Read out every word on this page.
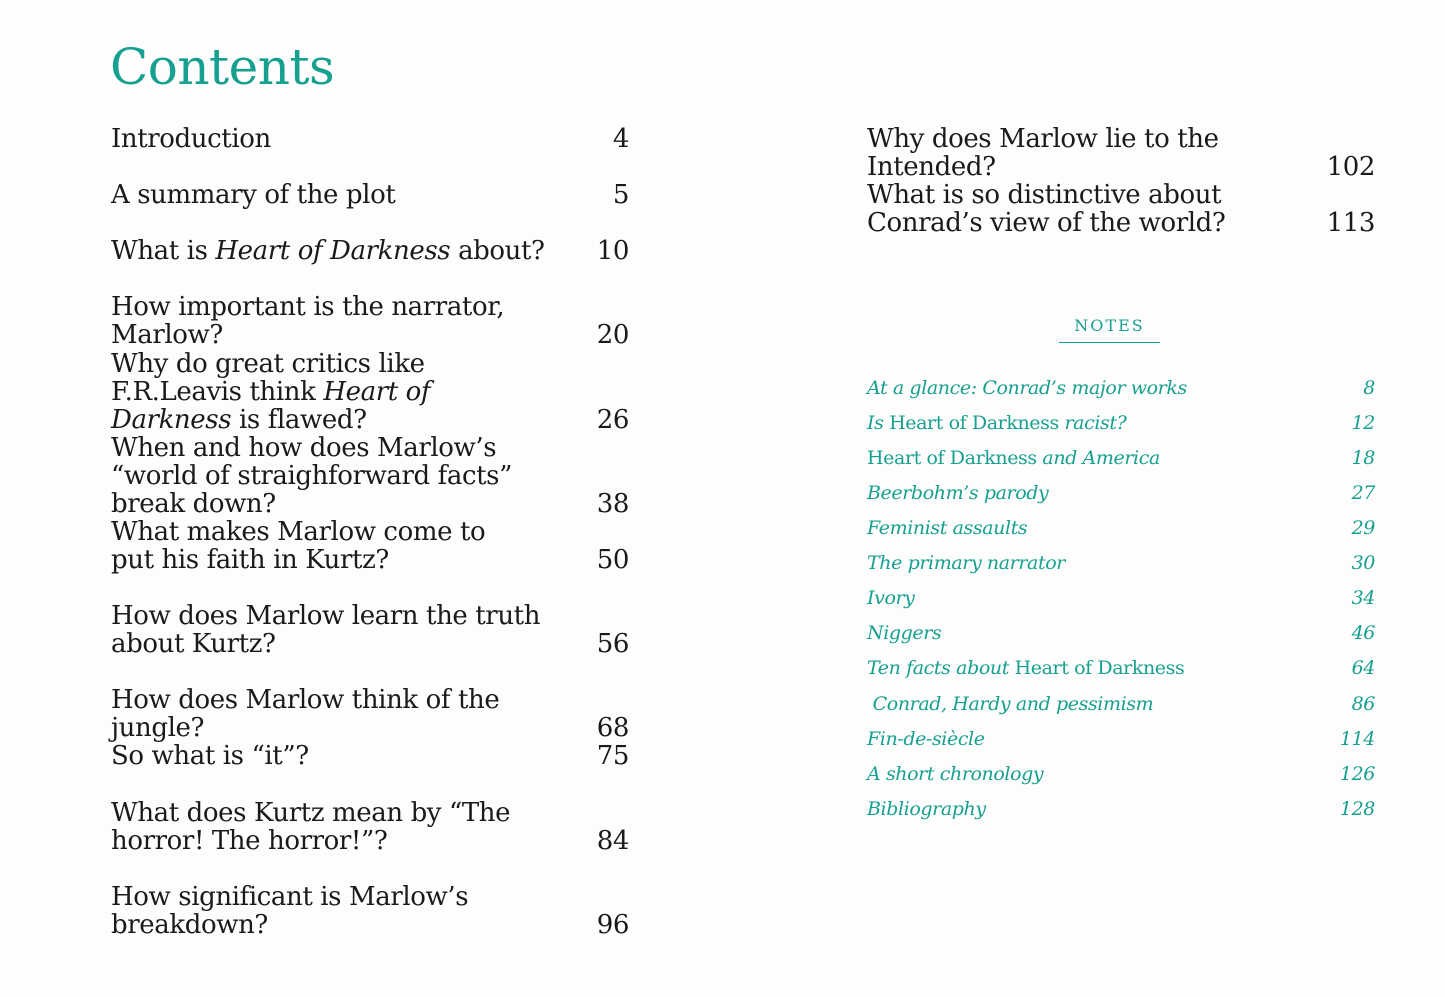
Contents
Introduction	4
A summary of the plot	5
What is Heart of Darkness about?	10
How important is the narrator, Marlow?	20
Why do great critics like F.R.Leavis think Heart of Darkness is flawed?	26
When and how does Marlow’s “world of straighforward facts” break down?	38
What makes Marlow come to put his faith in Kurtz?	50
How does Marlow learn the truth about Kurtz?	56
How does Marlow think of the jungle?	68
So what is “it”?	75
What does Kurtz mean by “The horror! The horror!”?	84
How significant is Marlow’s breakdown?	96
Why does Marlow lie to the Intended?	102
What is so distinctive about Conrad’s view of the world?	113
NOTES
At a glance: Conrad’s major works	8
Is Heart of Darkness racist?	12
Heart of Darkness and America	18
Beerbohm’s parody	27
Feminist assaults	29
The primary narrator	30
Ivory	34
Niggers	46
Ten facts about Heart of Darkness	64
Conrad, Hardy and pessimism	86
Fin-de-siècle	114
A short chronology	126
Bibliography	128
